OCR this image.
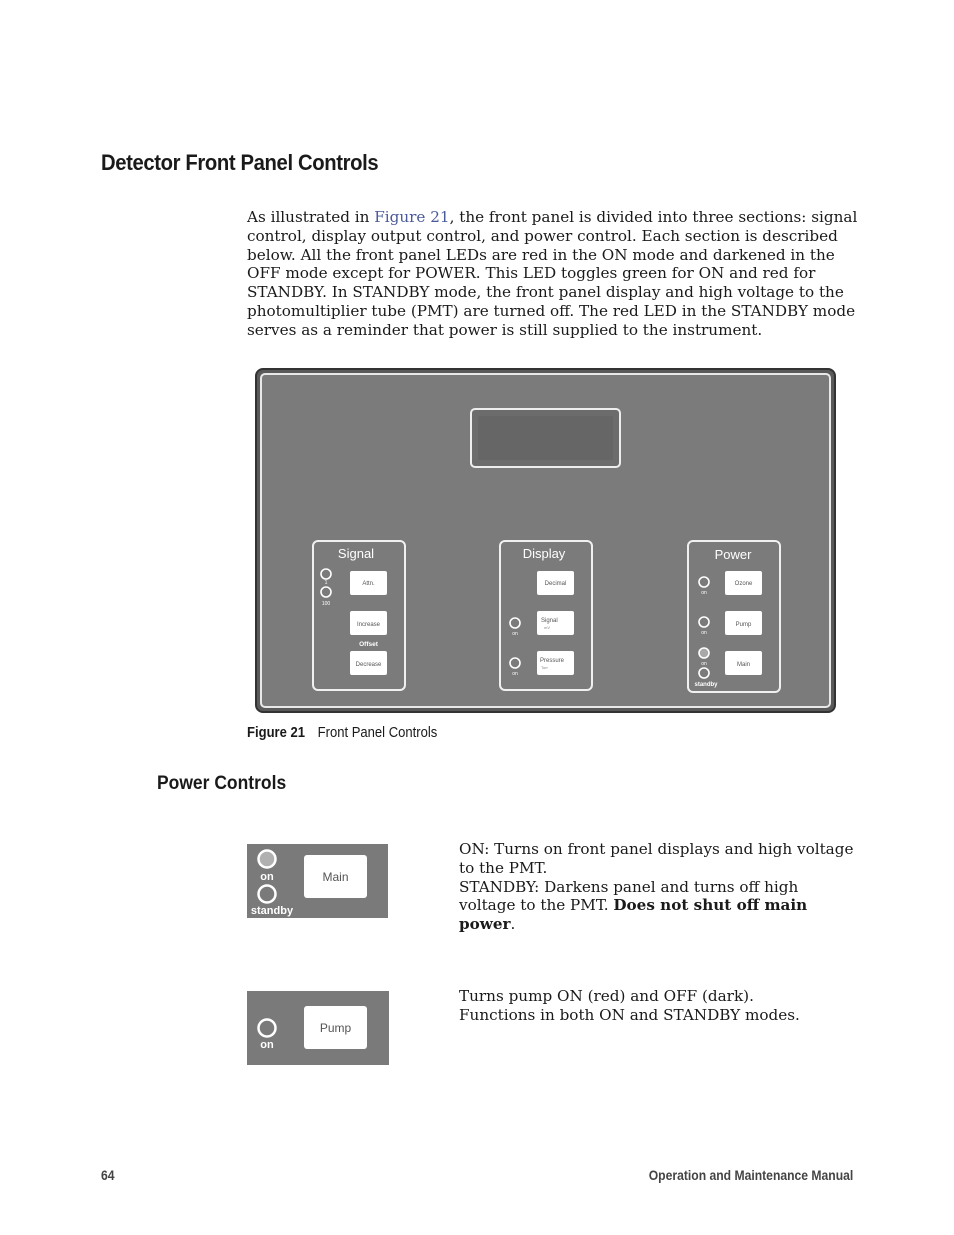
Detector Front Panel Controls

As illustrated in Figure 21, the front panel is divided into three sections: signal control, display output control, and power control. Each section is described below. All the front panel LEDs are red in the ON mode and darkened in the OFF mode except for POWER. This LED toggles green for ON and red for STANDBY. In STANDBY mode, the front panel display and high voltage to the photomultiplier tube (PMT) are turned off. The red LED in the STANDBY mode serves as a reminder that power is still supplied to the instrument.

Signal
1
100
Attn.
Increase
Offset
Decrease
Display
Decimal
on
Signal
mV
on
Pressure
Torr
Power
on
Ozone
on
Pump
on
standby
Main
Figure 21 Front Panel Controls
Power Controls
on
standby
Main

ON: Turns on front panel displays and high voltage to the PMT.
STANDBY: Darkens panel and turns off high voltage to the PMT. Does not shut off main power.

on
Pump

Turns pump ON (red) and OFF (dark).
Functions in both ON and STANDBY modes.

64	Operation and Maintenance Manual
